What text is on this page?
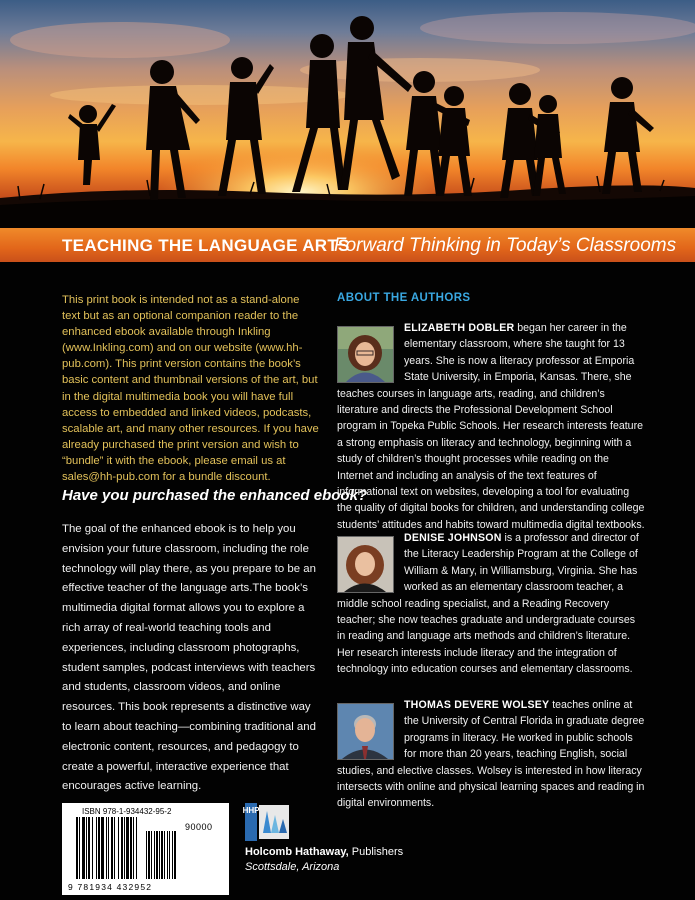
TEACHING THE LANGUAGE ARTS
Forward Thinking in Today’s Classrooms
This print book is intended not as a stand-alone text but as an optional companion reader to the enhanced ebook available through Inkling (www.Inkling.com) and on our website (www.hh-pub.com). This print version contains the book’s basic content and thumbnail versions of the art, but in the digital multimedia book you will have full access to embedded and linked videos, podcasts, scalable art, and many other resources. If you have already purchased the print version and wish to “bundle” it with the ebook, please email us at sales@hh-pub.com for a bundle discount.
Have you purchased the enhanced ebook?
The goal of the enhanced ebook is to help you envision your future classroom, including the role technology will play there, as you prepare to be an effective teacher of the language arts.The book’s multimedia digital format allows you to explore a rich array of real-world teaching tools and experiences, including classroom photographs, student samples, podcast interviews with teachers and students, classroom videos, and online resources. This book represents a distinctive way to learn about teaching—combining traditional and electronic content, resources, and pedagogy to create a powerful, interactive experience that encourages active learning.
ABOUT THE AUTHORS
ELIZABETH DOBLER began her career in the elementary classroom, where she taught for 13 years. She is now a literacy professor at Emporia State University, in Emporia, Kansas. There, she teaches courses in language arts, reading, and children’s literature and directs the Professional Development School program in Topeka Public Schools. Her research interests feature a strong emphasis on literacy and technology, beginning with a study of children’s thought processes while reading on the Internet and including an analysis of the text features of informational text on websites, developing a tool for evaluating the quality of digital books for children, and understanding college students’ attitudes and habits toward multimedia digital textbooks.
DENISE JOHNSON is a professor and director of the Literacy Leadership Program at the College of William & Mary, in Williamsburg, Virginia. She has worked as an elementary classroom teacher, a middle school reading specialist, and a Reading Recovery teacher; she now teaches graduate and undergraduate courses in reading and language arts methods and children’s literature. Her research interests include literacy and the integration of technology into education courses and elementary classrooms.
THOMAS DEVERE WOLSEY teaches online at the University of Central Florida in graduate degree programs in literacy. He worked in public schools for more than 20 years, teaching English, social studies, and elective classes. Wolsey is interested in how literacy intersects with online and physical learning spaces and reading in digital environments.
ISBN 978-1-934432-95-2
90000
9 781934 432952
HHP
Holcomb Hathaway, Publishers
Scottsdale, Arizona
